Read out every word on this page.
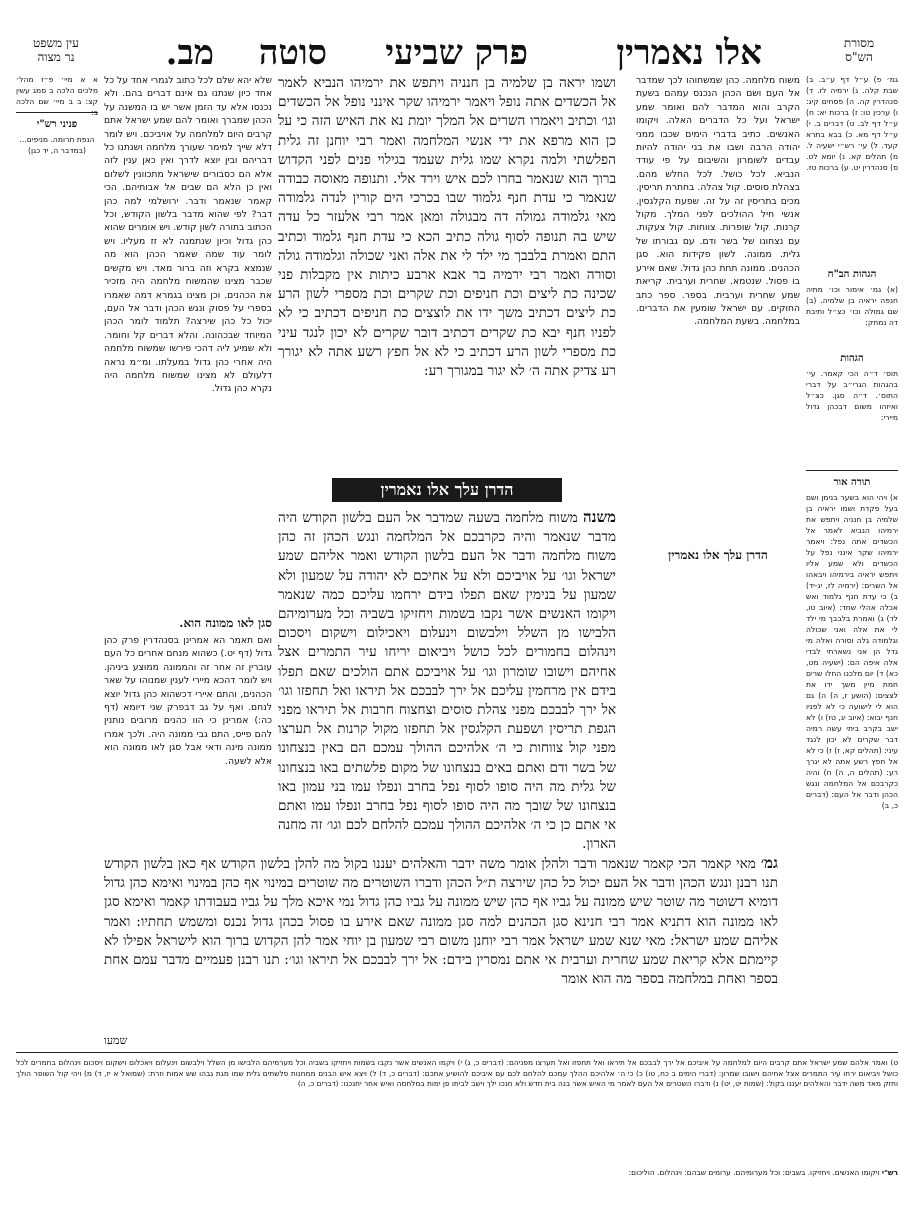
מסורת
הש"ס
אלו נאמרין
פרק שביעי
סוטה
מב.
עין משפט
נר מצוה
א א מיי׳ פ״ז מהל׳ מלכים הלכה ב סמג עשין קצ: ב ב מיי׳ שם הלכה
פניני רש"י
הנפת תרומה. מניפים... (במדבר ה, יד כגן)
גמ׳ פ) ע״ל דף ע״ב. ב) שבת קלה. ג) ירמיה לז. ד) סנהדרין קה. ה) פסחים קיג: ו) ערכין טו: ז) ברכות יא: ח) ע״ל דף לב. ט) דברים ב. י) ע״ל דף מא. כ) בבא בתרא קעד. ל) עי׳ רש״י ישעיה ל. מ) תהלים קא. נ) יומא לט. ס) סנהדרין יט. ע) ברכות טז.
הגהות הב"ח
(א) גמ׳ אימור וכו׳ מתיה חנפה יראיה בן שלמיה. (ב) שם גמולה וכו׳ כצ״ל ותיבת דה נמחק:
הגהות
תוס׳ ד״ה הכי קאמר. עי׳ בהגהות הגרי״ב על דברי התוס׳. ד״ה סגן. כצ״ל ואיזהו משום דבכהן גדול מיירי:
תורה אור
א) ויהי הוא בשער בנימן ושם בעל פקדת ושמו יראיה בן שלמיה בן חנניה ויתפש את ירמיהו הנביא לאמר אל הכשדים אתה נפל: ויאמר ירמיהו שקר אינני נפל על הכשדים ולא שמע אליו ויתפש יראיה בירמיהו ויבאהו אל השרים: (ירמיה לז, יג-יד) ב) כי עדת חנף גלמוד ואש אכלה אהלי שחד: (איוב טו, לד) ג) ואמרת בלבבך מי ילד לי את אלה ואני שכולה וגלמודה גלה וסורה ואלה מי גדל הן אני נשארתי לבדי אלה איפה הם: (ישעיה מט, כא) ד) יום מלכנו החלו שרים חמת מיין משך ידו את לצצים: (הושע ז, ה) ה) גם הוא לי לישועה כי לא לפניו חנף יבוא: (איוב יג, טז) ו) לא ישב בקרב ביתי עשה רמיה דבר שקרים לא יכון לנגד עיני: (תהלים קא, ז) ז) כי לא אל חפץ רשע אתה לא יגרך רע: (תהלים ה, ה) ח) והיה כקרבכם אל המלחמה ונגש הכהן ודבר אל העם: (דברים כ, ב)
שלא יהא שלם לכל כתוב לגמרי אחד על כל אחד כיון שנתנו גם אינם דברים בהם. ולא נכנסו אלא עד הזמן אשר יש בו המשנה על הכהן שמברך ואומר להם שמע ישראל אתם קרבים היום למלחמה על אויביכם. ויש לומר דלא שייך למימר שעורך מלחמה ושנתנו כל דבריהם ובין יוצא לדרך ואין כאן ענין לזה אלא הם כסבורים שישראל מתכוונין לשלום ואין כן הלא הם שבים אל אבותיהם. הכי קאמר שנאמר ודבר. ירושלמי למה כהן דבר? לפי שהוא מדבר בלשון הקודש, וכל הכתוב בתורה לשון קודש. ויש אומרים שהוא כהן גדול וכיון שנתמנה לא זז מעליו. ויש לומר עוד שמה שאמר הכהן הוא מה שנמצא בקרא וזה ברור מאד. ויש מקשים שכבר מצינו שהמשוח מלחמה היה מזכיר את הכהנים. וכן מצינו בגמרא דמה שאמרו בספרי על פסוק ונגש הכהן ודבר אל העם, יכול כל כהן שירצה? תלמוד לומר הכהן המיוחד שבכהונה. והלא דברים קל וחומר. ולא שמיע ליה דהכי פירשו שמשוח מלחמה היה אחרי כהן גדול במעלתו. ומ״מ נראה דלעולם לא מצינו שמשוח מלחמה היה נקרא כהן גדול.
סגן לאו ממונה הוא.
ואם תאמר הא אמרינן בסנהדרין פרק כהן גדול (דף יט.) כשהוא מנחם אחרים כל העם עוברין זה אחר זה והממונה ממוצע ביניהן. ויש לומר דהכא מיירי לענין שמנוהו על שאר הכהנים, והתם איירי דכשהוא כהן גדול יוצא לנחם. ואף על גב דבפרק שני דיומא (דף כה:) אמרינן כי הוו כהנים מרובים נותנין להם פייס, התם גבי ממונה היה. ולכך אמרו ממונה מינה ודאי אבל סגן לאו ממונה הוא אלא לשעה.
משוח מלחמה. כהן שמשחוהו לכך שמדבר אל העם ושם הכהן הנכנס עמהם בשעת הקרב והוא המדבר להם ואומר שמע ישראל ועל כל הדברים האלה. ויקומו האנשים. כתיב בדברי הימים שכבו ממני יהודה הרבה ושבו את בני יהודה להיות עבדים לשומרון והשיבום על פי עודד הנביא. לכל כושל. לכל החלש מהם. בצהלת סוסים. קול צהלה. בחתרת תריסין. מכים בתריסין זה על זה. שפעת הקלגסין. אנשי חיל ההולכים לפני המלך. מקול קרנות. קול שופרות. צווחות. קול צעקות. עם נצחונו של בשר ודם. עם גבורתו של גלית. ממונה. לשון פקידות הוא. סגן הכהנים. ממונה תחת כהן גדול. שאם אירע בו פסול. שנטמא. שחרית וערבית. קריאת שמע שחרית וערבית. בספר. ספר כתב החוקים. עם ישראל שומעין את הדברים. במלחמה. בשעת המלחמה.
הדרן עלך אלו נאמרין
ושמו יראה בן שלמיה בן חנניה ויתפש את ירמיהו הנביא לאמר אל הכשדים אתה נופל ויאמר ירמיהו שקר אינני נופל אל הכשדים וגו׳ וכתיב ויאמרו השרים אל המלך יומת נא את האיש הזה כי על כן הוא מרפא את ידי אנשי המלחמה ואמר רבי יוחנן זה גלית הפלשתי ולמה נקרא שמו גלית שעמד בגילוי פנים לפני הקדוש ברוך הוא שנאמר בחרו לכם איש וירד אלי. ותנופה מאוסה כבודה שנאמר כי עדת חנף גלמוד שבו בכרכי הים קורין לנדה גלמודה מאי גלמודה גמולה דה מבגולה ומאן אמר רבי אלעזר כל עדה שיש בה תנופה לסוף גולה כתיב הכא כי עדת חנף גלמוד וכתיב התם ואמרת בלבבך מי ילד לי את אלה ואני שכולה וגלמודה גולה וסורה ואמר רבי ירמיה בר אבא ארבע כיתות אין מקבלות פני שכינה כת ליצים וכת חניפים וכת שקרים וכת מספרי לשון הרע כת ליצים דכתיב משך ידו את לוצצים כת חניפים דכתיב כי לא לפניו חנף יבא כת שקרים דכתיב דובר שקרים לא יכון לנגד עיני כת מספרי לשון הרע דכתיב כי לא אל חפץ רשע אתה לא יגורך רע צדיק אתה ה׳ לא יגור במגורך רע:
הדרן עלך אלו נאמרין
משנה משוח מלחמה בשעה שמדבר אל העם בלשון הקודש היה מדבר שנאמר והיה כקרבכם אל המלחמה ונגש הכהן זה כהן משוח מלחמה ודבר אל העם בלשון הקודש ואמר אליהם שמע ישראל וגו׳ על אויביכם ולא על אחיכם לא יהודה על שמעון ולא שמעון על בנימין שאם תפלו בידם ירחמו עליכם כמה שנאמר ויקומו האנשים אשר נקבו בשמות ויחזיקו בשביה וכל מערומיהם הלבישו מן השלל וילבשום וינעלום ויאכילום וישקום ויסכום וינהלום בחמורים לכל כושל ויביאום יריחו עיר התמרים אצל אחיהם וישובו שומרון וגו׳ על אויביכם אתם הולכים שאם תפלו בידם אין מרחמין עליכם אל ירך לבבכם אל תיראו ואל תחפזו וגו׳ אל ירך לבבכם מפני צהלת סוסים וצחצוח חרבות אל תיראו מפני הגפת תריסין ושפעת הקלגסין אל תחפזו מקול קרנות אל תערצו מפני קול צווחות כי ה׳ אלהיכם ההולך עמכם הם באין בנצחונו של בשר ודם ואתם באים בנצחונו של מקום פלשתים באו בנצחונו של גלית מה היה סופו לסוף נפל בחרב ונפלו עמו בני עמון באו בנצחונו של שובך מה היה סופו לסוף נפל בחרב ונפלו עמו ואתם אי אתם כן כי ה׳ אלהיכם ההולך עמכם להלחם לכם וגו׳ זה מחנה הארון.
גמ׳ מאי קאמר הכי קאמר שנאמר ודבר ולהלן אומר משה ידבר והאלהים יעננו בקול מה להלן בלשון הקודש אף כאן בלשון הקודש תנו רבנן ונגש הכהן ודבר אל העם יכול כל כהן שירצה ת״ל הכהן ודברו השוטרים מה שוטרים במינוי אף כהן במינוי ואימא כהן גדול דומיא דשוטר מה שוטר שיש ממונה על גביו אף כהן שיש ממונה על גביו כהן גדול נמי איכא מלך על גביו בעבודתו קאמר ואימא סגן לאו ממונה הוא דתניא אמר רבי חנינא סגן הכהנים למה סגן ממונה שאם אירע בו פסול בכהן גדול נכנס ומשמש תחתיו: ואמר אליהם שמע ישראל: מאי שנא שמע ישראל אמר רבי יוחנן משום רבי שמעון בן יוחי אמר להן הקדוש ברוך הוא לישראל אפילו לא קיימתם אלא קריאת שמע שחרית וערבית אי אתם נמסרין בידם: אל ירך לבבכם אל תיראו וגו׳: תנו רבנן פעמיים מדבר עמם אחת בספר ואחת במלחמה בספר מה הוא אומר
שמעו
ט) ואמר אלהם שמע ישראל אתם קרבים היום למלחמה על איביכם אל ירך לבבכם אל תיראו ואל תחפזו ואל תערצו מפניהם: (דברים כ, ג) י) ויקמו האנשים אשר נקבו בשמות ויחזיקו בשביה וכל מערמיהם הלבישו מן השלל וילבשום וינעלום ויאכלום וישקום ויסכום וינהלום בחמרים לכל כושל ויביאום ירחו עיר התמרים אצל אחיהם וישובו שמרון: (דברי הימים ב כח, טו) כ) כי ה׳ אלהיכם ההלך עמכם להלחם לכם עם איביכם להושיע אתכם: (דברים כ, ד) ל) ויצא איש הבנים ממחנות פלשתים גלית שמו מגת גבהו שש אמות וזרת: (שמואל א יז, ד) מ) ויהי קול השופר הולך וחזק מאד משה ידבר והאלהים יעננו בקול: (שמות יט, יט) נ) ודברו השטרים אל העם לאמר מי האיש אשר בנה בית חדש ולא חנכו ילך וישב לביתו פן ימות במלחמה ואיש אחר יחנכנו: (דברים כ, ה)
רש"י ויקומו האנשים. ויחזיקו. בשבים: וכל מערומיהם. ערומים שבהם: וינהלום. הוליכום:
